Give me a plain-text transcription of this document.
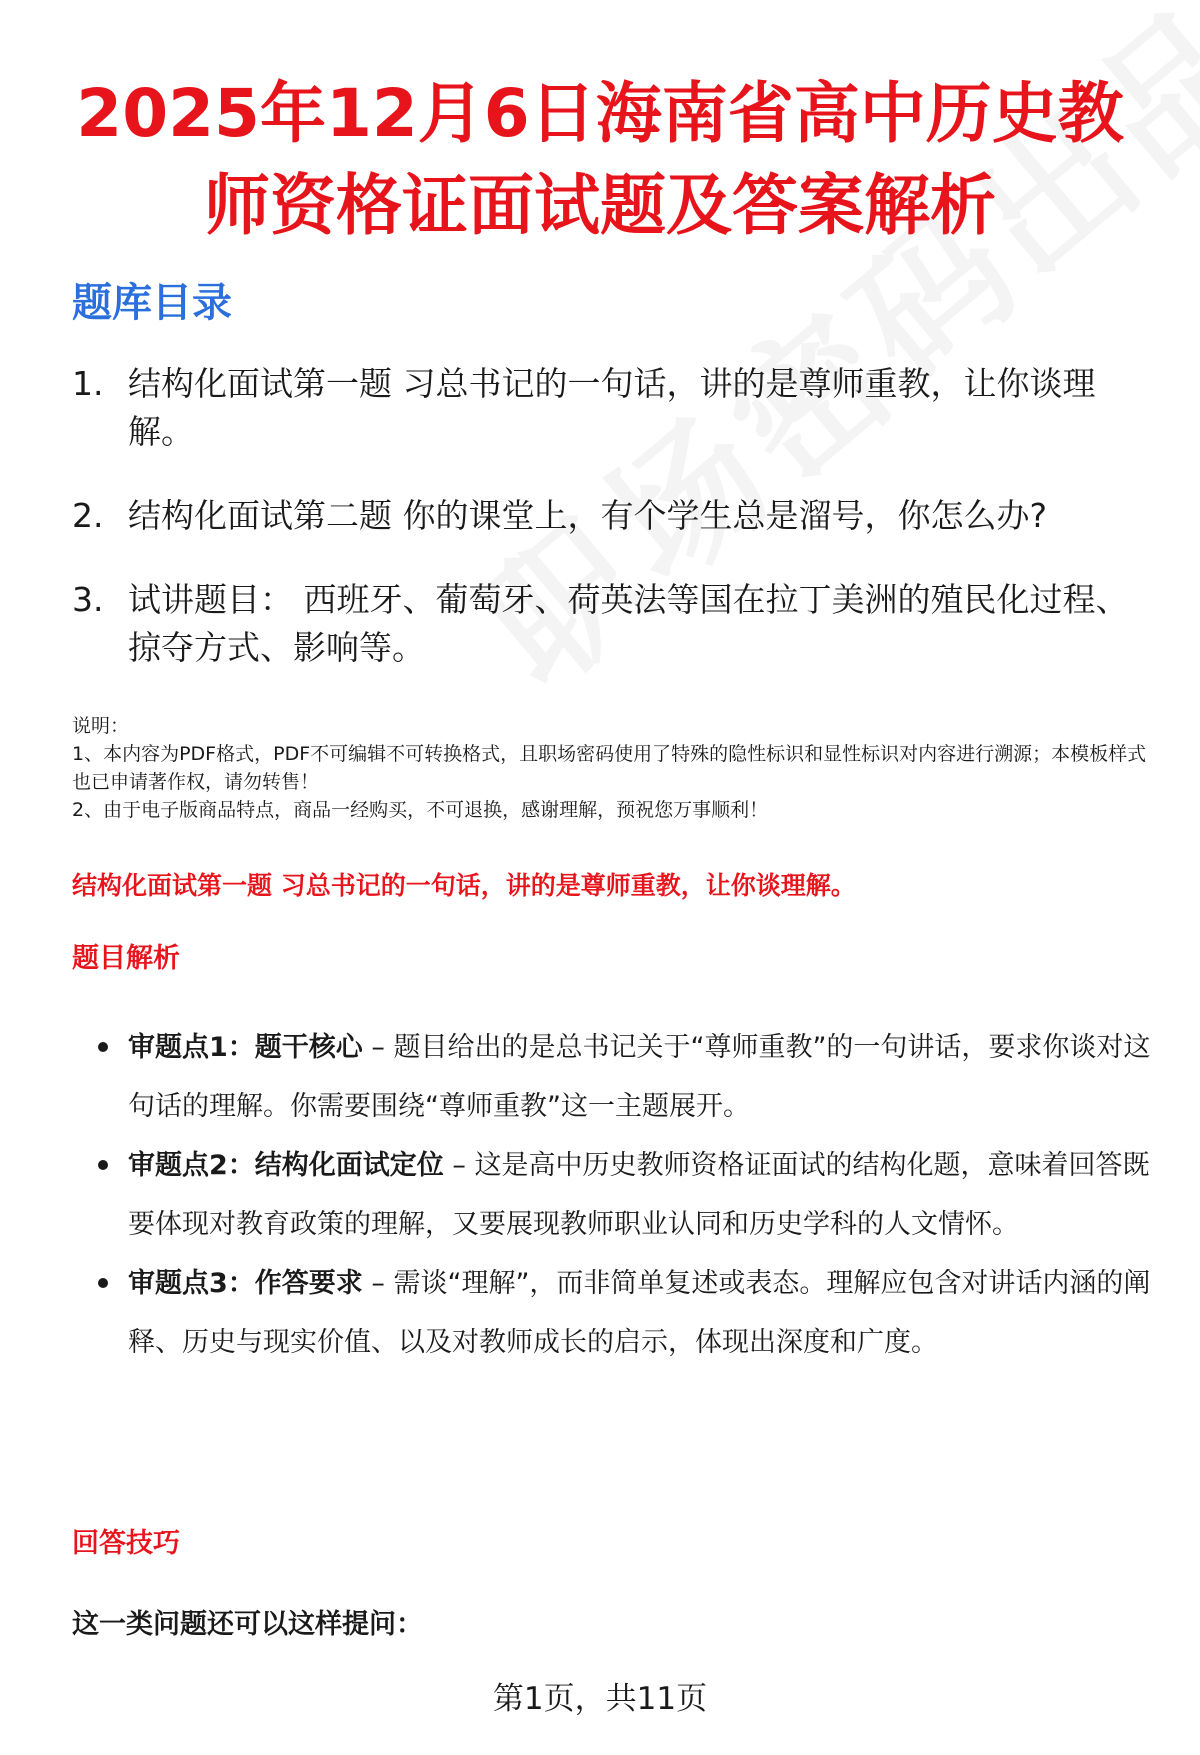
2025年12月6日海南省高中历史教
师资格证面试题及答案解析
题库目录
1. 结构化面试第一题 习总书记的一句话，讲的是尊师重教，让你谈理解。
2. 结构化面试第二题 你的课堂上，有个学生总是溜号，你怎么办?
3. 试讲题目： 西班牙、葡萄牙、荷英法等国在拉丁美洲的殖民化过程、掠夺方式、影响等。

说明：

1、本内容为PDF格式，PDF不可编辑不可转换格式，且职场密码使用了特殊的隐性标识和显性标识对内容进行溯源；本模板样式也已申请著作权，请勿转售！

2、由于电子版商品特点，商品一经购买，不可退换，感谢理解，预祝您万事顺利！

结构化面试第一题 习总书记的一句话，讲的是尊师重教，让你谈理解。
题目解析
审题点1：题干核心 – 题目给出的是总书记关于“尊师重教”的一句讲话，要求你谈对这句话的理解。你需要围绕“尊师重教”这一主题展开。
审题点2：结构化面试定位 – 这是高中历史教师资格证面试的结构化题，意味着回答既要体现对教育政策的理解，又要展现教师职业认同和历史学科的人文情怀。
审题点3：作答要求 – 需谈“理解”，而非简单复述或表态。理解应包含对讲话内涵的阐释、历史与现实价值、以及对教师成长的启示，体现出深度和广度。
回答技巧

这一类问题还可以这样提问：

第1页，共11页
